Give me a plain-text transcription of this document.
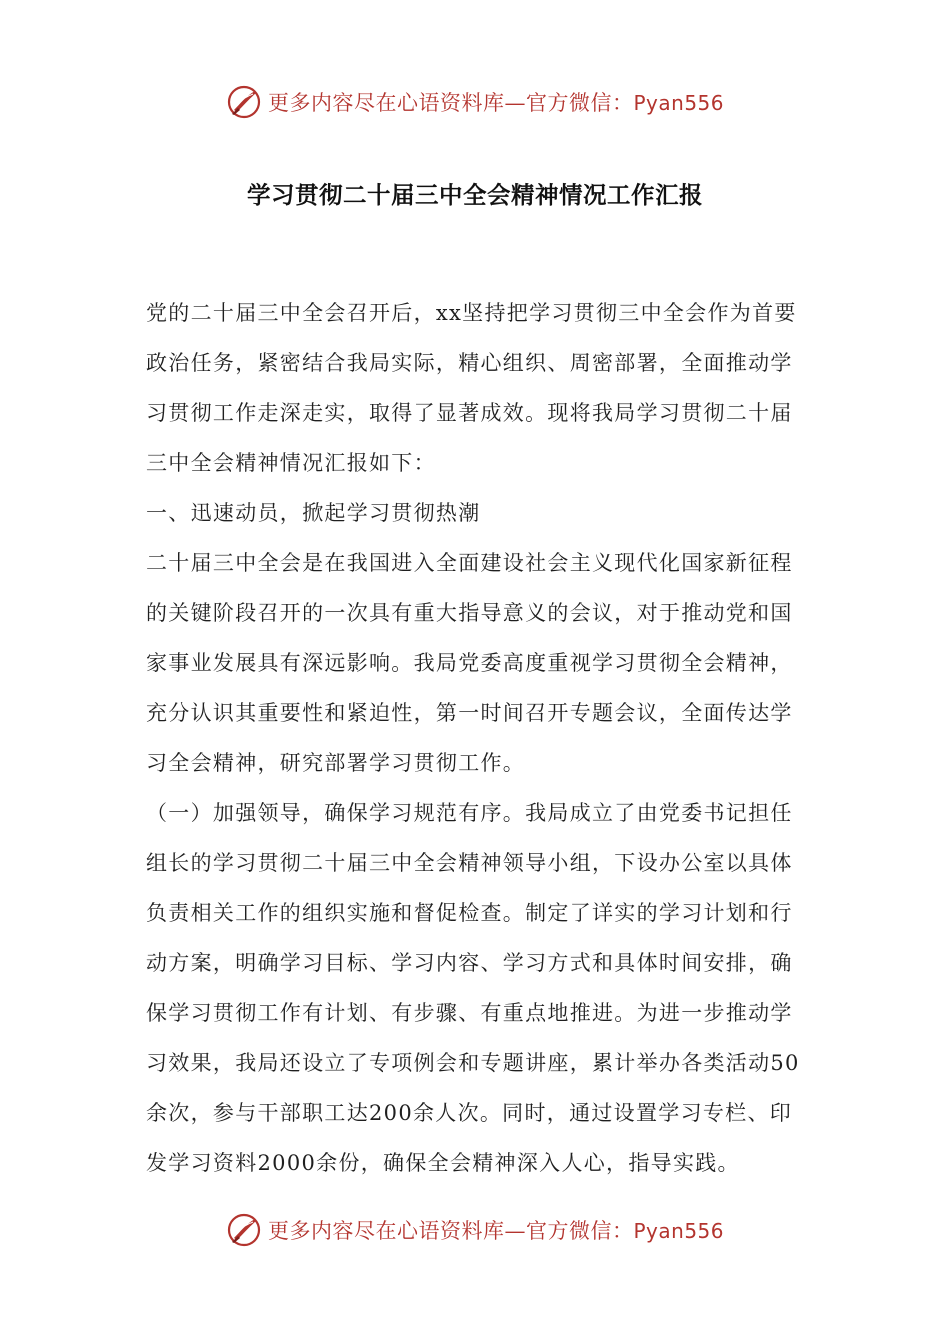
更多内容尽在心语资料库—官方微信：Pyan556
学习贯彻二十届三中全会精神情况工作汇报
党的二十届三中全会召开后，xx坚持把学习贯彻三中全会作为首要
政治任务，紧密结合我局实际，精心组织、周密部署，全面推动学
习贯彻工作走深走实，取得了显著成效。现将我局学习贯彻二十届
三中全会精神情况汇报如下：
一、迅速动员，掀起学习贯彻热潮
二十届三中全会是在我国进入全面建设社会主义现代化国家新征程
的关键阶段召开的一次具有重大指导意义的会议，对于推动党和国
家事业发展具有深远影响。我局党委高度重视学习贯彻全会精神，
充分认识其重要性和紧迫性，第一时间召开专题会议，全面传达学
习全会精神，研究部署学习贯彻工作。
（一）加强领导，确保学习规范有序。我局成立了由党委书记担任
组长的学习贯彻二十届三中全会精神领导小组，下设办公室以具体
负责相关工作的组织实施和督促检查。制定了详实的学习计划和行
动方案，明确学习目标、学习内容、学习方式和具体时间安排，确
保学习贯彻工作有计划、有步骤、有重点地推进。为进一步推动学
习效果，我局还设立了专项例会和专题讲座，累计举办各类活动50
余次，参与干部职工达200余人次。同时，通过设置学习专栏、印
发学习资料2000余份，确保全会精神深入人心，指导实践。
更多内容尽在心语资料库—官方微信：Pyan556
